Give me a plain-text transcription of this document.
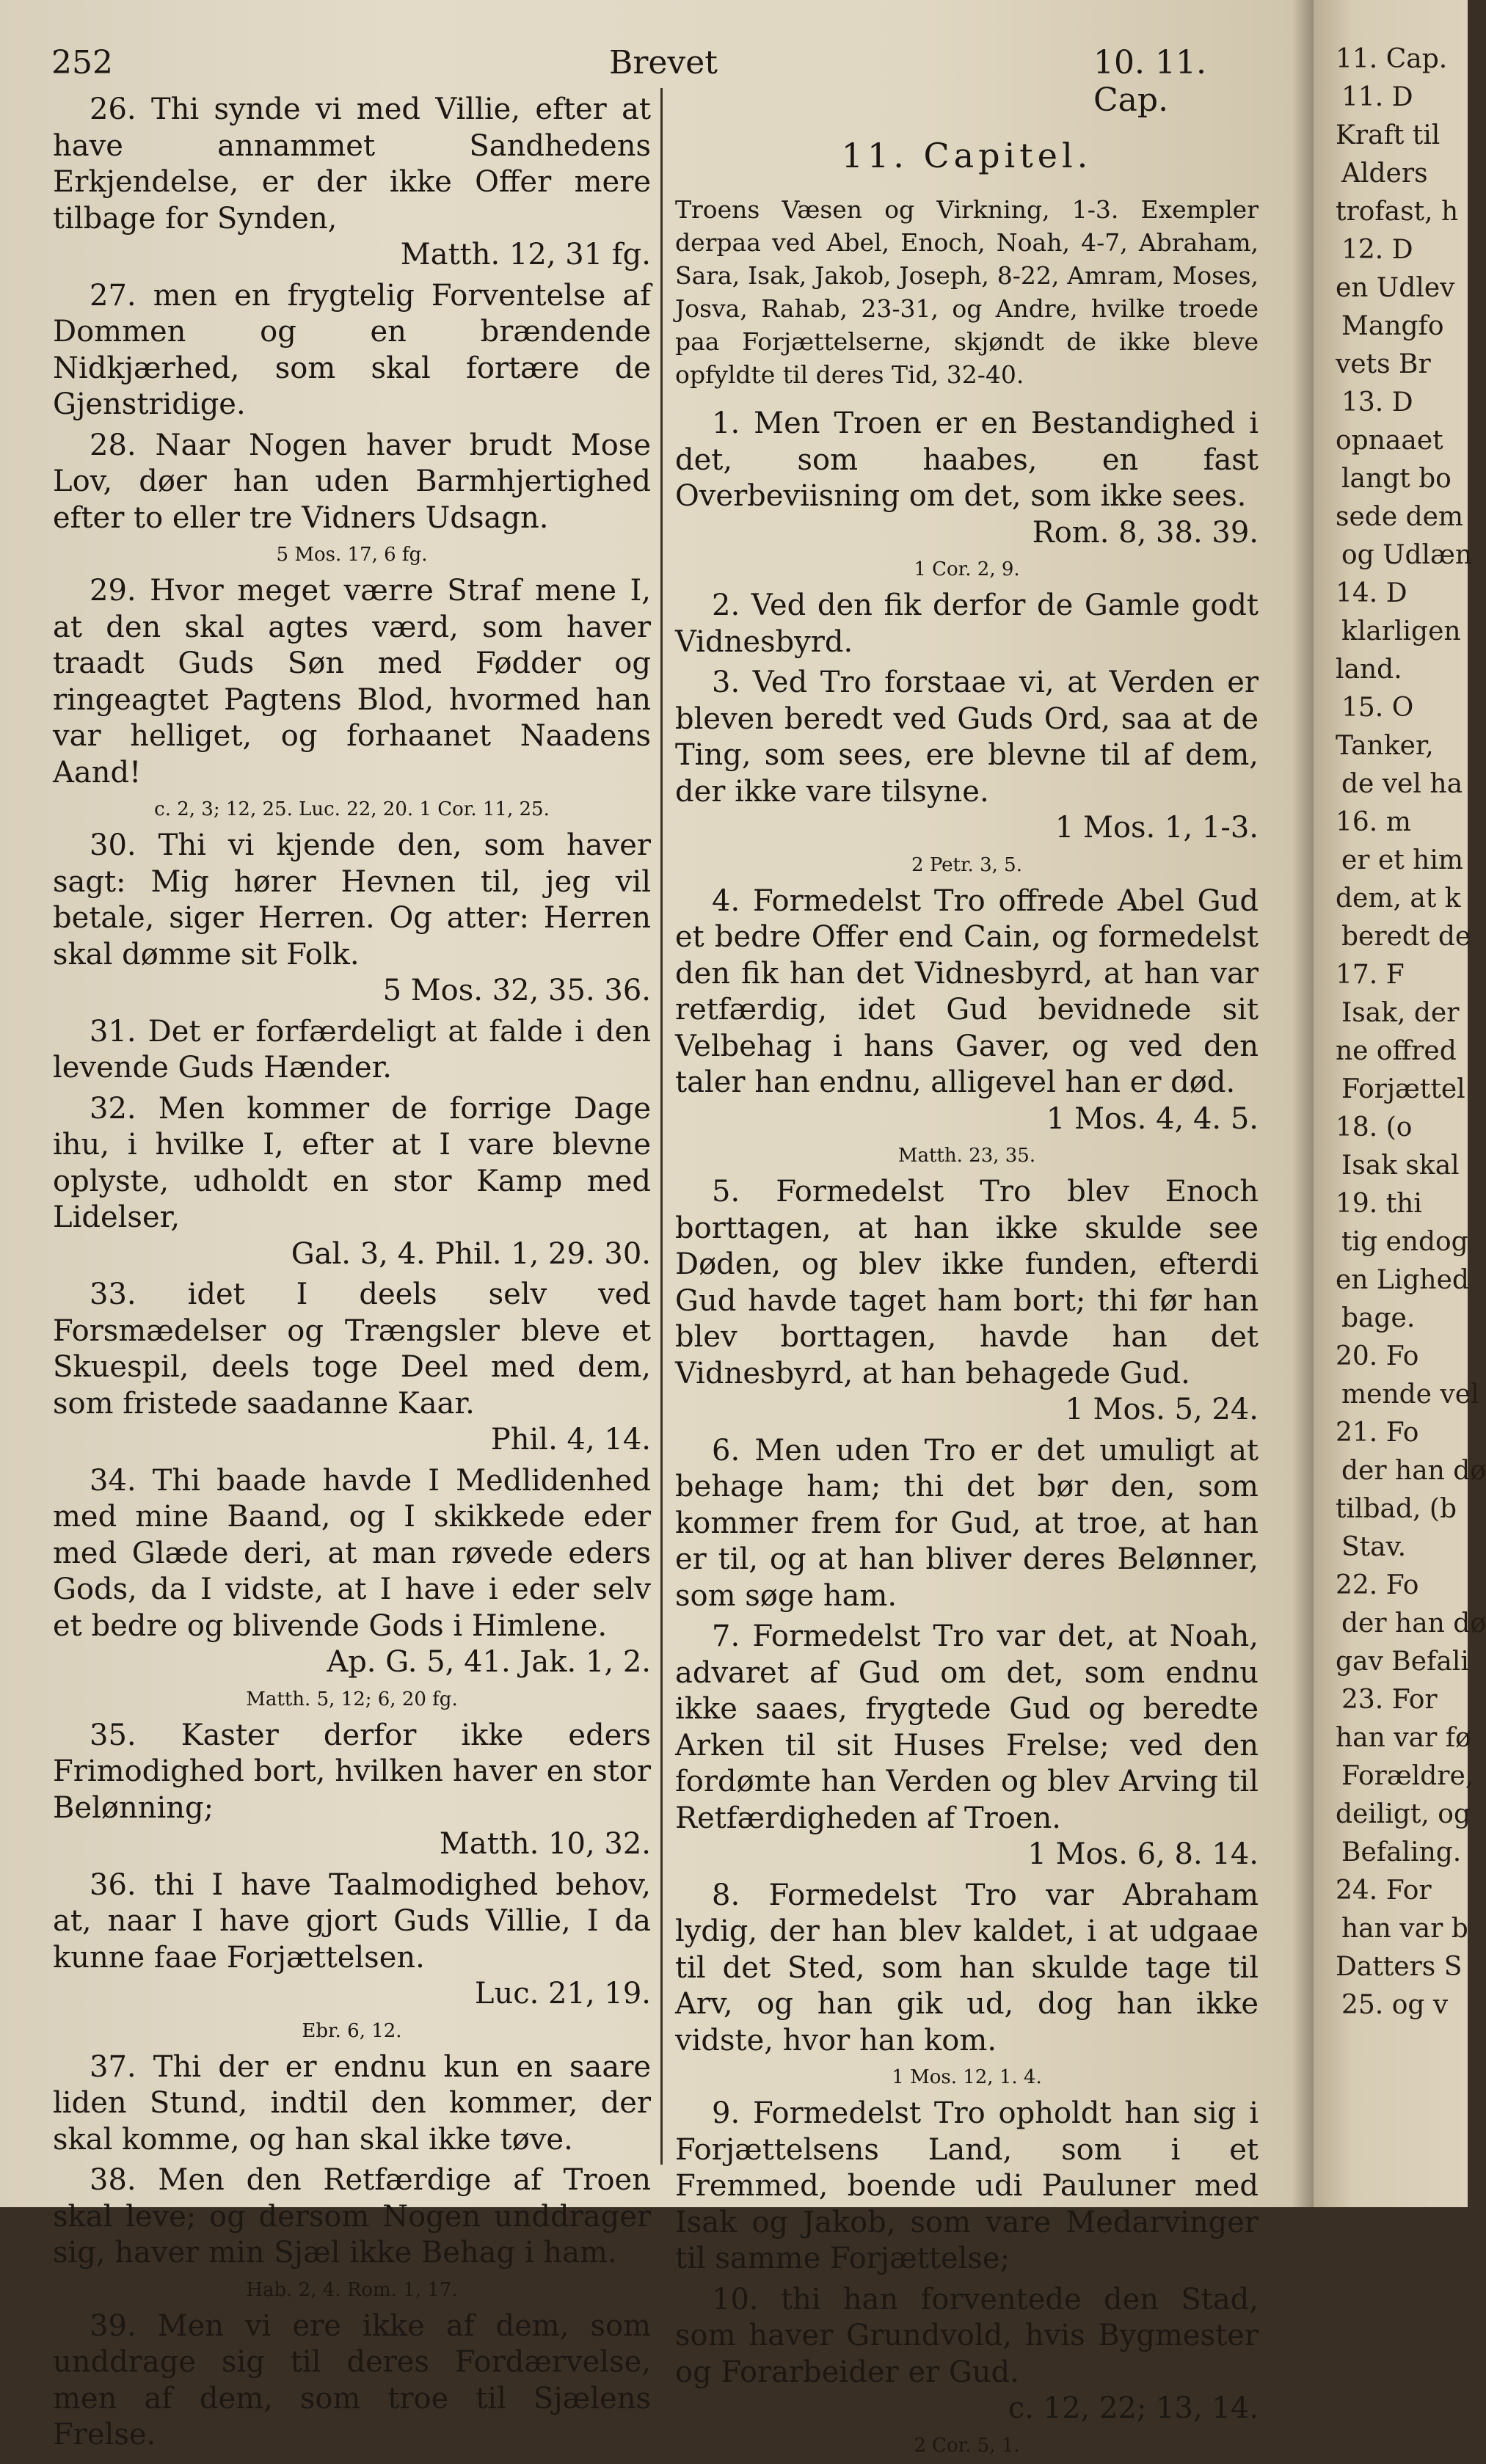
252	Brevet	10. 11. Cap.

26. Thi synde vi med Villie, efter at have annammet Sandhedens Erkjendelse, er der ikke Offer mere tilbage for Synden,
Matth. 12, 31 fg.

27. men en frygtelig Forventelse af Dommen og en brændende Nidkjærhed, som skal fortære de Gjenstridige.

28. Naar Nogen haver brudt Mose Lov, døer han uden Barmhjertighed efter to eller tre Vidners Udsagn.

5 Mos. 17, 6 fg.

29. Hvor meget værre Straf mene I, at den skal agtes værd, som haver traadt Guds Søn med Fødder og ringeagtet Pagtens Blod, hvormed han var helliget, og forhaanet Naadens Aand!

c. 2, 3; 12, 25. Luc. 22, 20. 1 Cor. 11, 25.

30. Thi vi kjende den, som haver sagt: Mig hører Hevnen til, jeg vil betale, siger Herren. Og atter: Herren skal dømme sit Folk.
5 Mos. 32, 35. 36.

31. Det er forfærdeligt at falde i den levende Guds Hænder.

32. Men kommer de forrige Dage ihu, i hvilke I, efter at I vare blevne oplyste, udholdt en stor Kamp med Lidelser,
Gal. 3, 4. Phil. 1, 29. 30.

33. idet I deels selv ved Forsmædelser og Trængsler bleve et Skuespil, deels toge Deel med dem, som fristede saadanne Kaar.
Phil. 4, 14.

34. Thi baade havde I Medlidenhed med mine Baand, og I skikkede eder med Glæde deri, at man røvede eders Gods, da I vidste, at I have i eder selv et bedre og blivende Gods i Himlene.
Ap. G. 5, 41. Jak. 1, 2.

Matth. 5, 12; 6, 20 fg.

35. Kaster derfor ikke eders Frimodighed bort, hvilken haver en stor Belønning;
Matth. 10, 32.

36. thi I have Taalmodighed behov, at, naar I have gjort Guds Villie, I da kunne faae Forjættelsen.
Luc. 21, 19.

Ebr. 6, 12.

37. Thi der er endnu kun en saare liden Stund, indtil den kommer, der skal komme, og han skal ikke tøve.

38. Men den Retfærdige af Troen skal leve; og dersom Nogen unddrager sig, haver min Sjæl ikke Behag i ham.

Hab. 2, 4. Rom. 1, 17.

39. Men vi ere ikke af dem, som unddrage sig til deres Fordærvelse, men af dem, som troe til Sjælens Frelse.

11. Capitel.
Troens Væsen og Virkning, 1-3. Exempler derpaa ved Abel, Enoch, Noah, 4-7, Abraham, Sara, Isak, Jakob, Joseph, 8-22, Amram, Moses, Josva, Rahab, 23-31, og Andre, hvilke troede paa Forjættelserne, skjøndt de ikke bleve opfyldte til deres Tid, 32-40.

1. Men Troen er en Bestandighed i det, som haabes, en fast Overbeviisning om det, som ikke sees.
Rom. 8, 38. 39.

1 Cor. 2, 9.

2. Ved den fik derfor de Gamle godt Vidnesbyrd.

3. Ved Tro forstaae vi, at Verden er bleven beredt ved Guds Ord, saa at de Ting, som sees, ere blevne til af dem, der ikke vare tilsyne.
1 Mos. 1, 1-3.

2 Petr. 3, 5.

4. Formedelst Tro offrede Abel Gud et bedre Offer end Cain, og formedelst den fik han det Vidnesbyrd, at han var retfærdig, idet Gud bevidnede sit Velbehag i hans Gaver, og ved den taler han endnu, alligevel han er død.
1 Mos. 4, 4. 5.

Matth. 23, 35.

5. Formedelst Tro blev Enoch borttagen, at han ikke skulde see Døden, og blev ikke funden, efterdi Gud havde taget ham bort; thi før han blev borttagen, havde han det Vidnesbyrd, at han behagede Gud.
1 Mos. 5, 24.

6. Men uden Tro er det umuligt at behage ham; thi det bør den, som kommer frem for Gud, at troe, at han er til, og at han bliver deres Belønner, som søge ham.

7. Formedelst Tro var det, at Noah, advaret af Gud om det, som endnu ikke saaes, frygtede Gud og beredte Arken til sit Huses Frelse; ved den fordømte han Verden og blev Arving til Retfærdigheden af Troen.
1 Mos. 6, 8. 14.

8. Formedelst Tro var Abraham lydig, der han blev kaldet, i at udgaae til det Sted, som han skulde tage til Arv, og han gik ud, dog han ikke vidste, hvor han kom.

1 Mos. 12, 1. 4.

9. Formedelst Tro opholdt han sig i Forjættelsens Land, som i et Fremmed, boende udi Pauluner med Isak og Jakob, som vare Medarvinger til samme Forjættelse;

10. thi han forventede den Stad, som haver Grundvold, hvis Bygmester og Forarbeider er Gud.
c. 12, 22; 13, 14.

2 Cor. 5, 1.
11. Cap.
11. D
Kraft til
Alders
trofast, h
12. D
en Udlev
Mangfo
vets Br
13. D
opnaaet
langt bo
sede dem
og Udlæn
14. D
klarligen
land.
15. O
Tanker,
de vel ha
16. m
er et him
dem, at k
beredt de
17. F
Isak, der
ne offred
Forjættel
18. (o
Isak skal
19. thi
tig endog
en Lighed
bage.
20. Fo
mende vel
21. Fo
der han dø
tilbad, (b
Stav.
22. Fo
der han dø
gav Befali
23. For
han var fø
Forældre,
deiligt, og
Befaling.
24. For
han var b
Datters S
25. og v
